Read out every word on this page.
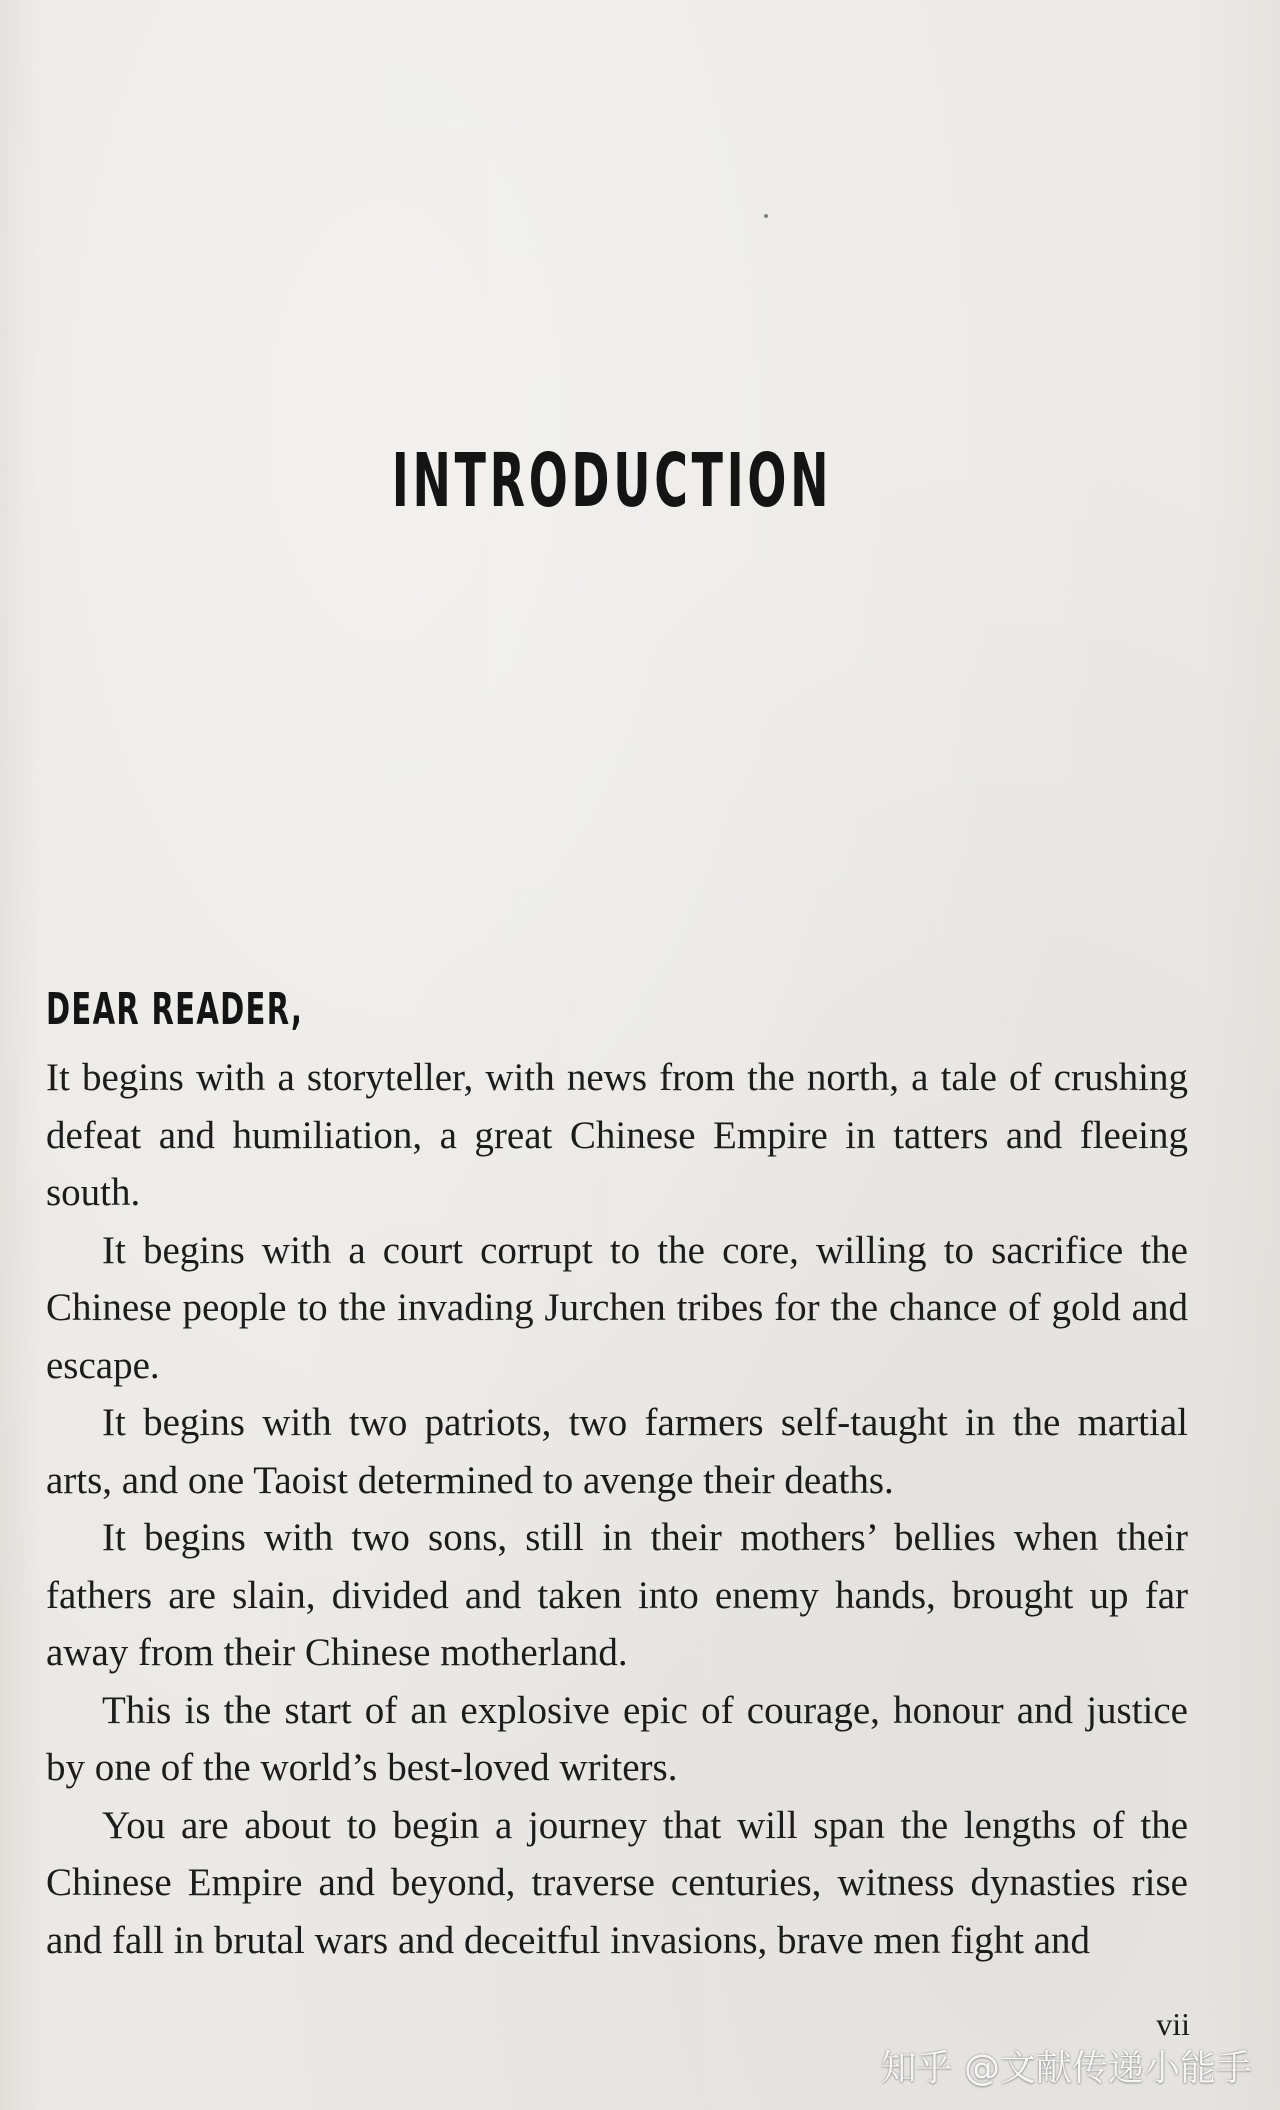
INTRODUCTION
DEAR READER,

It begins with a storyteller, with news from the north, a tale of crushing defeat and humiliation, a great Chinese Empire in tatters and fleeing south.

It begins with a court corrupt to the core, willing to sacrifice the Chinese people to the invading Jurchen tribes for the chance of gold and escape.

It begins with two patriots, two farmers self-taught in the martial arts, and one Taoist determined to avenge their deaths.

It begins with two sons, still in their mothers’ bellies when their fathers are slain, divided and taken into enemy hands, brought up far away from their Chinese motherland.

This is the start of an explosive epic of courage, honour and justice by one of the world’s best-loved writers.

You are about to begin a journey that will span the lengths of the Chinese Empire and beyond, traverse centuries, witness dynasties rise and fall in brutal wars and deceitful invasions, brave men fight and

vii
知乎 @文献传递小能手
